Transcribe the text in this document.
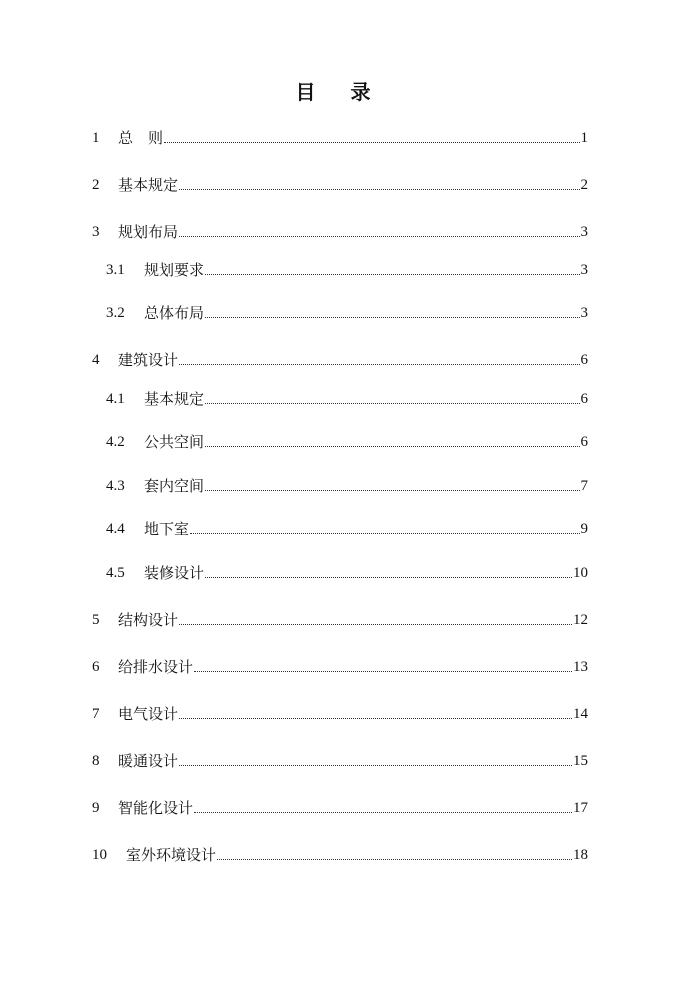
目 录
1	总　则	1
2	基本规定	2
3	规划布局	3
3.1	规划要求	3
3.2	总体布局	3
4	建筑设计	6
4.1	基本规定	6
4.2	公共空间	6
4.3	套内空间	7
4.4	地下室	9
4.5	装修设计	10
5	结构设计	12
6	给排水设计	13
7	电气设计	14
8	暖通设计	15
9	智能化设计	17
10	室外环境设计	18
